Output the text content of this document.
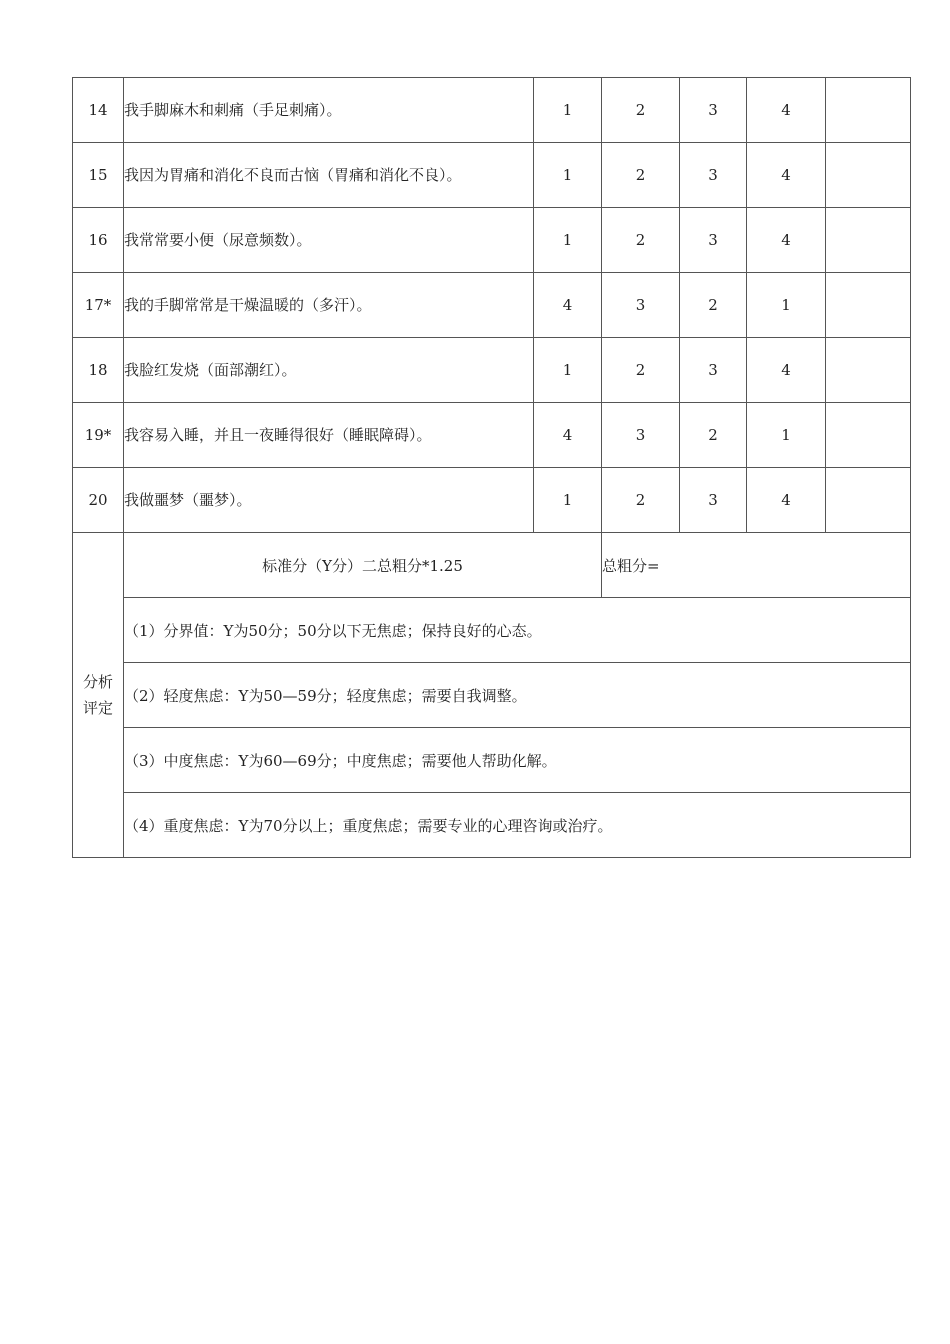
14	我手脚麻木和刺痛（手足刺痛）。	1	2	3	4	
15	我因为胃痛和消化不良而古恼（胃痛和消化不良）。	1	2	3	4	
16	我常常要小便（尿意频数）。	1	2	3	4	
17*	我的手脚常常是干燥温暖的（多汗）。	4	3	2	1	
18	我脸红发烧（面部潮红）。	1	2	3	4	
19*	我容易入睡，并且一夜睡得很好（睡眠障碍）。	4	3	2	1	
20	我做噩梦（噩梦）。	1	2	3	4	
分析
评定	标准分（Y分）二总粗分*1.25		总粗分=			
	（1）分界值：Y为50分；50分以下无焦虑；保持良好的心态。					
	（2）轻度焦虑：Y为50—59分；轻度焦虑；需要自我调整。					
	（3）中度焦虑：Y为60—69分；中度焦虑；需要他人帮助化解。					
	（4）重度焦虑：Y为70分以上；重度焦虑；需要专业的心理咨询或治疗。					
